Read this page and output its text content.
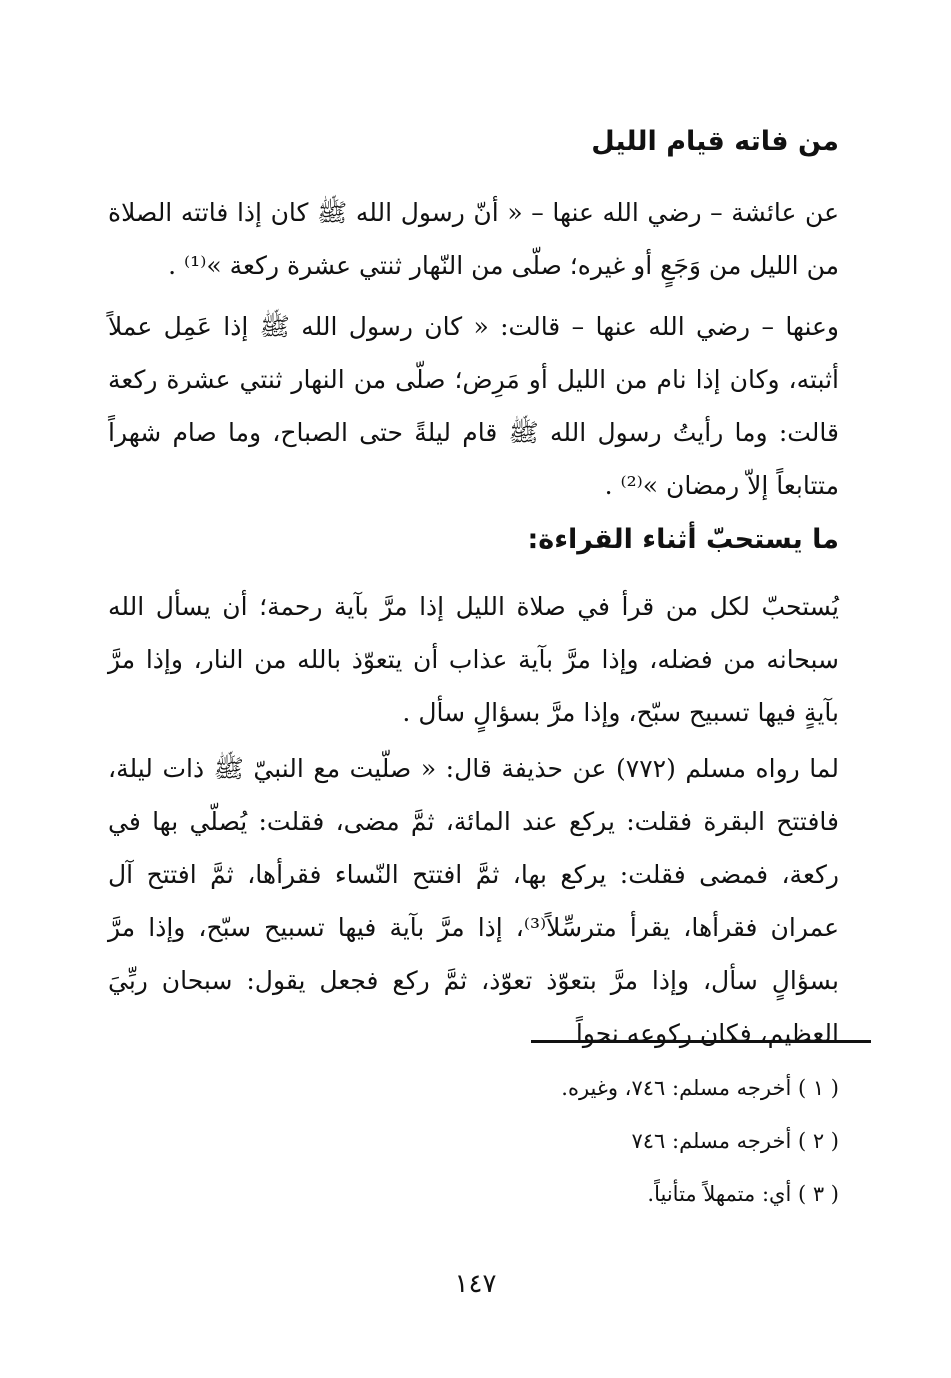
من فاته قيام الليل
عن عائشة – رضي الله عنها – « أنّ رسول الله ﷺ كان إذا فاتته الصلاة من الليل من وَجَعٍ أو غيره؛ صلّى من النّهار ثنتي عشرة ركعة »⁽¹⁾ .
وعنها – رضي الله عنها – قالت: « كان رسول الله ﷺ إذا عَمِل عملاً أثبته، وكان إذا نام من الليل أو مَرِض؛ صلّى من النهار ثنتي عشرة ركعة قالت: وما رأيتُ رسول الله ﷺ قام ليلةً حتى الصباح، وما صام شهراً متتابعاً إلاّ رمضان »⁽²⁾ .
ما يستحبّ أثناء القراءة:
يُستحبّ لكل من قرأ في صلاة الليل إذا مرَّ بآية رحمة؛ أن يسأل الله سبحانه من فضله، وإذا مرَّ بآية عذاب أن يتعوّذ بالله من النار، وإذا مرَّ بآيةٍ فيها تسبيح سبّح، وإذا مرَّ بسؤالٍ سأل .
لما رواه مسلم (٧٧٢) عن حذيفة قال: « صلّيت مع النبيّ ﷺ ذات ليلة، فافتتح البقرة فقلت: يركع عند المائة، ثمَّ مضى، فقلت: يُصلّي بها في ركعة، فمضى فقلت: يركع بها، ثمَّ افتتح النّساء فقرأها، ثمَّ افتتح آل عمران فقرأها، يقرأ مترسِّلاً⁽³⁾، إذا مرَّ بآية فيها تسبيح سبّح، وإذا مرَّ بسؤالٍ سأل، وإذا مرَّ بتعوّذ تعوّذ، ثمَّ ركع فجعل يقول: سبحان ربِّيَ العظيم، فكان ركوعه نحواً
( ١ ) أخرجه مسلم: ٧٤٦، وغيره.
( ٢ ) أخرجه مسلم: ٧٤٦
( ٣ ) أي: متمهلاً متأنياً.
١٤٧
